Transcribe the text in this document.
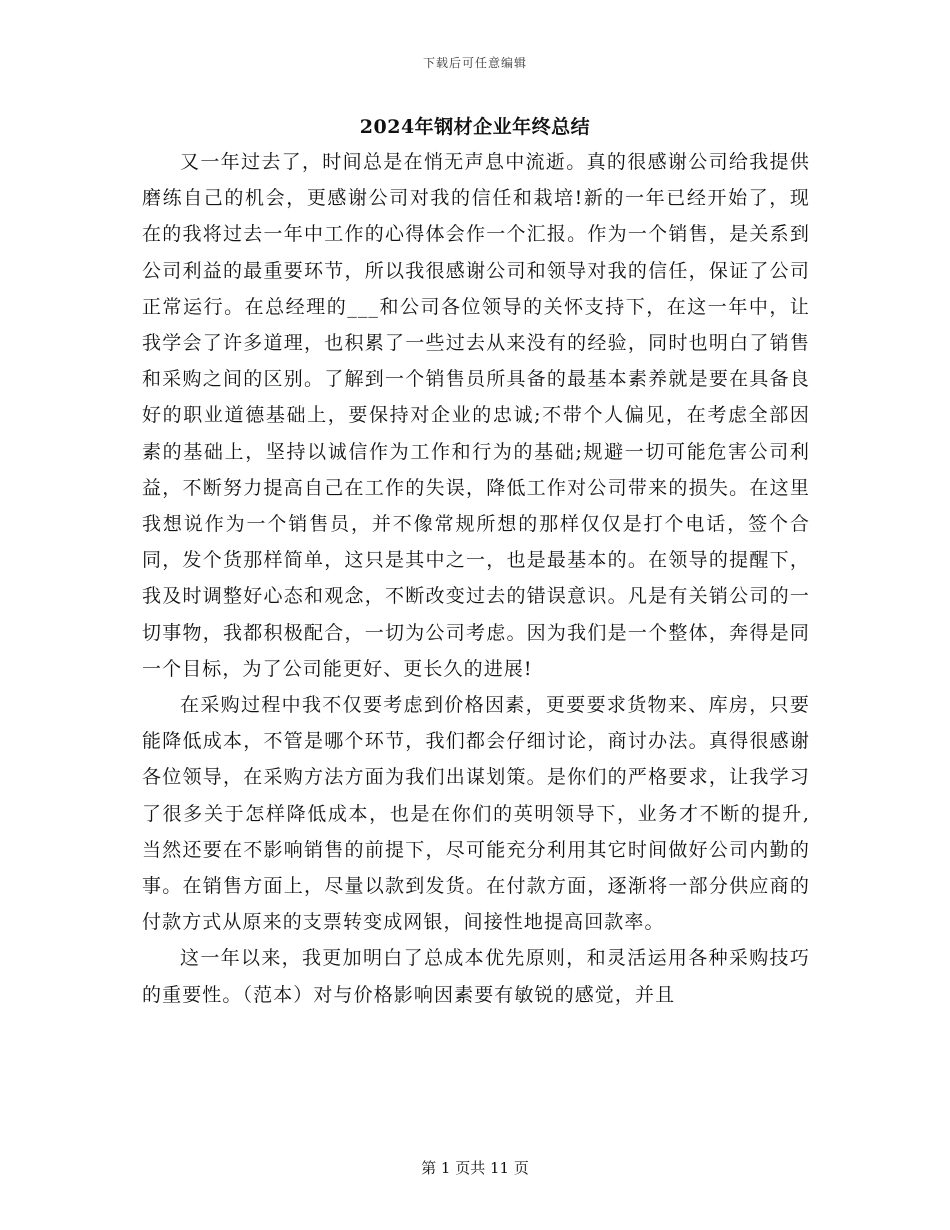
下载后可任意编辑
2024年钢材企业年终总结

又一年过去了，时间总是在悄无声息中流逝。真的很感谢公司给我提供磨练自己的机会，更感谢公司对我的信任和栽培!新的一年已经开始了，现在的我将过去一年中工作的心得体会作一个汇报。作为一个销售，是关系到公司利益的最重要环节，所以我很感谢公司和领导对我的信任，保证了公司正常运行。在总经理的___和公司各位领导的关怀支持下，在这一年中，让我学会了许多道理，也积累了一些过去从来没有的经验，同时也明白了销售和采购之间的区别。了解到一个销售员所具备的最基本素养就是要在具备良好的职业道德基础上，要保持对企业的忠诚;不带个人偏见，在考虑全部因素的基础上，坚持以诚信作为工作和行为的基础;规避一切可能危害公司利益，不断努力提高自己在工作的失误，降低工作对公司带来的损失。在这里我想说作为一个销售员，并不像常规所想的那样仅仅是打个电话，签个合同，发个货那样简单，这只是其中之一，也是最基本的。在领导的提醒下，我及时调整好心态和观念，不断改变过去的错误意识。凡是有关销公司的一切事物，我都积极配合，一切为公司考虑。因为我们是一个整体，奔得是同一个目标，为了公司能更好、更长久的进展!

在采购过程中我不仅要考虑到价格因素，更要要求货物来、库房，只要能降低成本，不管是哪个环节，我们都会仔细讨论，商讨办法。真得很感谢各位领导，在采购方法方面为我们出谋划策。是你们的严格要求，让我学习了很多关于怎样降低成本，也是在你们的英明领导下，业务才不断的提升,当然还要在不影响销售的前提下，尽可能充分利用其它时间做好公司内勤的事。在销售方面上，尽量以款到发货。在付款方面，逐渐将一部分供应商的付款方式从原来的支票转变成网银，间接性地提高回款率。

这一年以来，我更加明白了总成本优先原则，和灵活运用各种采购技巧的重要性。（范本）对与价格影响因素要有敏锐的感觉，并且

第 1 页共 11 页
